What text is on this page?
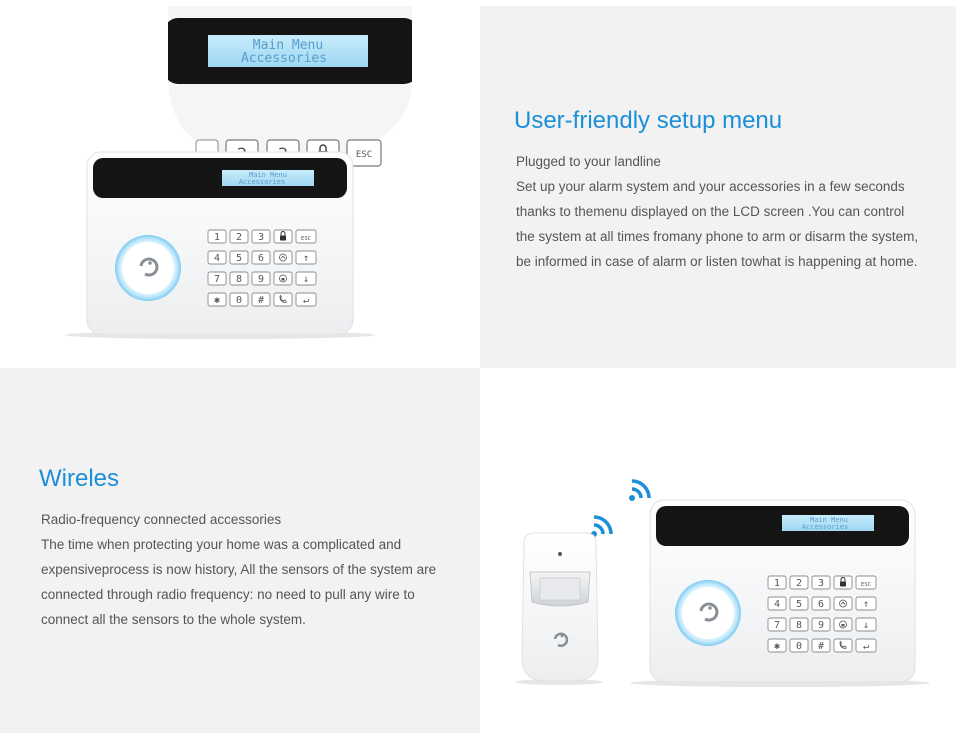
Main Menu
Accessories
ESC
Main Menu
Accessories
1 2 3	ESC
4 5 6	↑
7 8 9	↓
✱ 0 #	↵
User-friendly setup menu

Plugged to your landline

Set up your alarm system and your accessories in a few seconds

thanks to themenu displayed on the LCD screen .You can control

the system at all times fromany phone to arm or disarm the system,

be informed in case of alarm or listen towhat is happening at home.

Wireles

Radio-frequency connected accessories

The time when protecting your home was a complicated and

expensiveprocess is now history, All the sensors of the system are

connected through radio frequency: no need to pull any wire to

connect all the sensors to the whole system.

Main Menu
Accessories
1 2 3	ESC
4 5 6	↑
7 8 9	↓
✱ 0 #	↵
